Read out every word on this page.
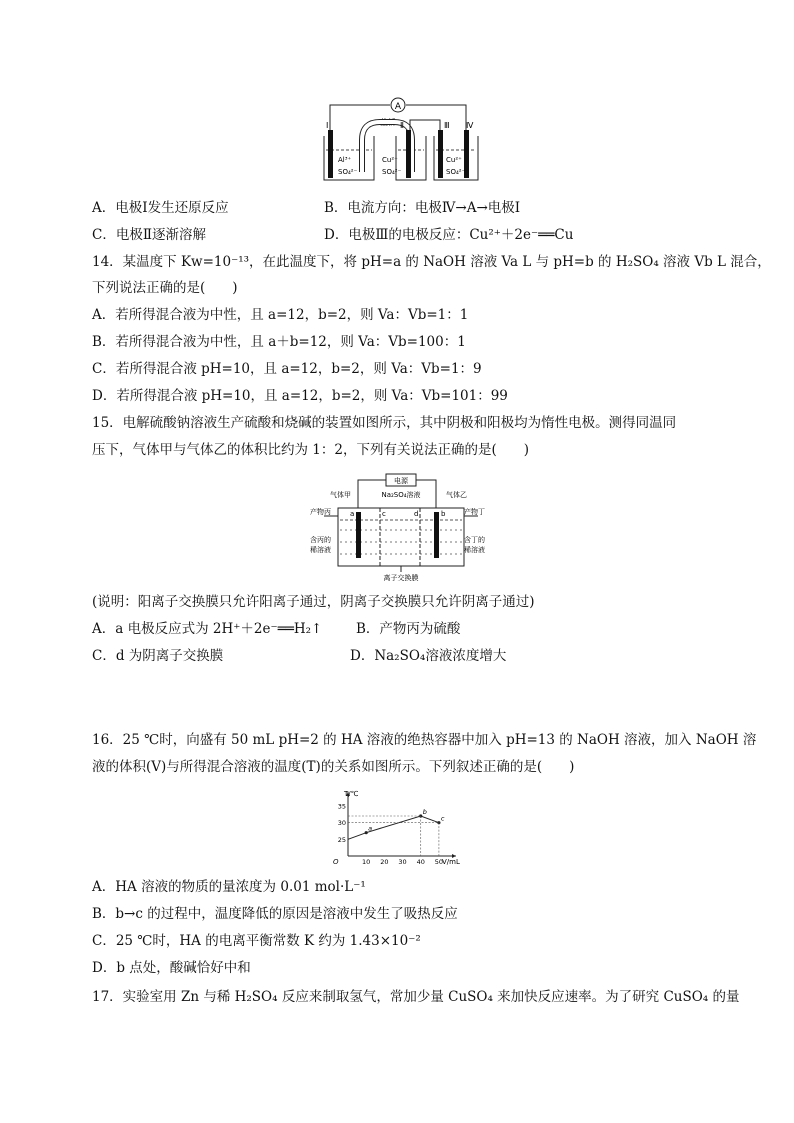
A
盐桥
Ⅰ	Ⅱ	Ⅲ Ⅳ
Al³⁺
SO₄²⁻
Cu²⁺
SO₄²⁻
Cu²⁺
SO₄²⁻
A．电极Ⅰ发生还原反应	B．电流方向：电极Ⅳ→A→电极Ⅰ
C．电极Ⅱ逐渐溶解	D．电极Ⅲ的电极反应：Cu²⁺＋2e⁻══Cu
14．某温度下 Kw=10⁻¹³，在此温度下，将 pH=a 的 NaOH 溶液 Va L 与 pH=b 的 H₂SO₄ 溶液 Vb L 混合，
下列说法正确的是(　　)
A．若所得混合液为中性，且 a=12，b=2，则 Va：Vb=1：1
B．若所得混合液为中性，且 a＋b=12，则 Va：Vb=100：1
C．若所得混合液 pH=10，且 a=12，b=2，则 Va：Vb=1：9
D．若所得混合液 pH=10，且 a=12，b=2，则 Va：Vb=101：99
15．电解硫酸钠溶液生产硫酸和烧碱的装置如图所示，其中阴极和阳极均为惰性电极。测得同温同
压下，气体甲与气体乙的体积比约为 1：2，下列有关说法正确的是(　　)
电源
气体甲	气体乙
Na₂SO₄溶液
a	c	d	b
产物丙	产物丁
含丙的
稀溶液
含丁的
稀溶液
离子交换膜
(说明：阳离子交换膜只允许阳离子通过，阴离子交换膜只允许阴离子通过)
A．a 电极反应式为 2H⁺＋2e⁻══H₂↑ B．产物丙为硫酸
C．d 为阴离子交换膜	D．Na₂SO₄溶液浓度增大
16．25 ℃时，向盛有 50 mL pH=2 的 HA 溶液的绝热容器中加入 pH=13 的 NaOH 溶液，加入 NaOH 溶
液的体积(V)与所得混合溶液的温度(T)的关系如图所示。下列叙述正确的是(　　)
10 20 30 40 50
25
30
35
a
b
c
T/℃
V/mL
O
A．HA 溶液的物质的量浓度为 0.01 mol·L⁻¹
B．b→c 的过程中，温度降低的原因是溶液中发生了吸热反应
C．25 ℃时，HA 的电离平衡常数 K 约为 1.43×10⁻²
D．b 点处，酸碱恰好中和
17．实验室用 Zn 与稀 H₂SO₄ 反应来制取氢气，常加少量 CuSO₄ 来加快反应速率。为了研究 CuSO₄ 的量
